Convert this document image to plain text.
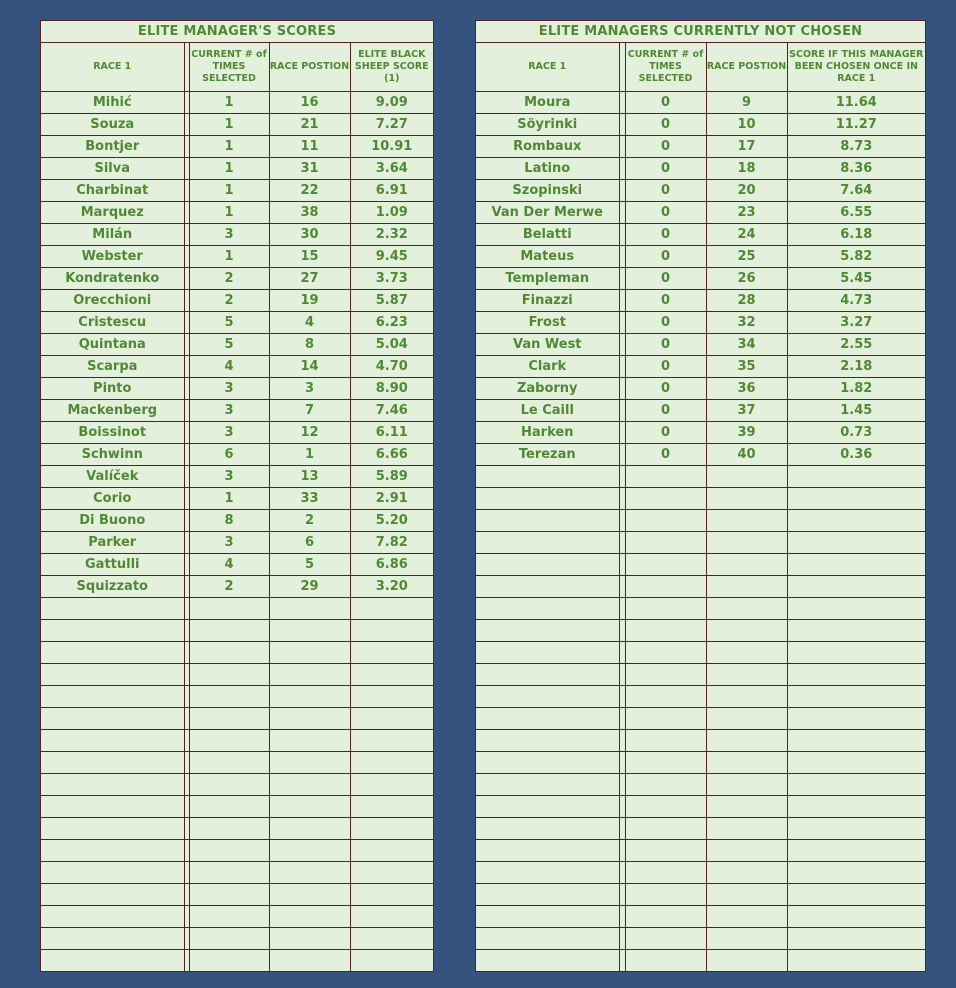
ELITE MANAGER'S SCORES				
RACE 1		CURRENT # of TIMES SELECTED	RACE POSTION	ELITE BLACK SHEEP SCORE (1)
Mihić		1	16	9.09
Souza		1	21	7.27
Bontjer		1	11	10.91
Silva		1	31	3.64
Charbinat		1	22	6.91
Marquez		1	38	1.09
Milán		3	30	2.32
Webster		1	15	9.45
Kondratenko		2	27	3.73
Orecchioni		2	19	5.87
Cristescu		5	4	6.23
Quintana		5	8	5.04
Scarpa		4	14	4.70
Pinto		3	3	8.90
Mackenberg		3	7	7.46
Boissinot		3	12	6.11
Schwinn		6	1	6.66
Valíček		3	13	5.89
Corio		1	33	2.91
Di Buono		8	2	5.20
Parker		3	6	7.82
Gattulli		4	5	6.86
Squizzato		2	29	3.20

ELITE MANAGERS CURRENTLY NOT CHOSEN				
RACE 1		CURRENT # of TIMES SELECTED	RACE POSTION	SCORE IF THIS MANAGER BEEN CHOSEN ONCE IN RACE 1
Moura		0	9	11.64
Söyrinki		0	10	11.27
Rombaux		0	17	8.73
Latino		0	18	8.36
Szopinski		0	20	7.64
Van Der Merwe		0	23	6.55
Belatti		0	24	6.18
Mateus		0	25	5.82
Templeman		0	26	5.45
Finazzi		0	28	4.73
Frost		0	32	3.27
Van West		0	34	2.55
Clark		0	35	2.18
Zaborny		0	36	1.82
Le Caill		0	37	1.45
Harken		0	39	0.73
Terezan		0	40	0.36
